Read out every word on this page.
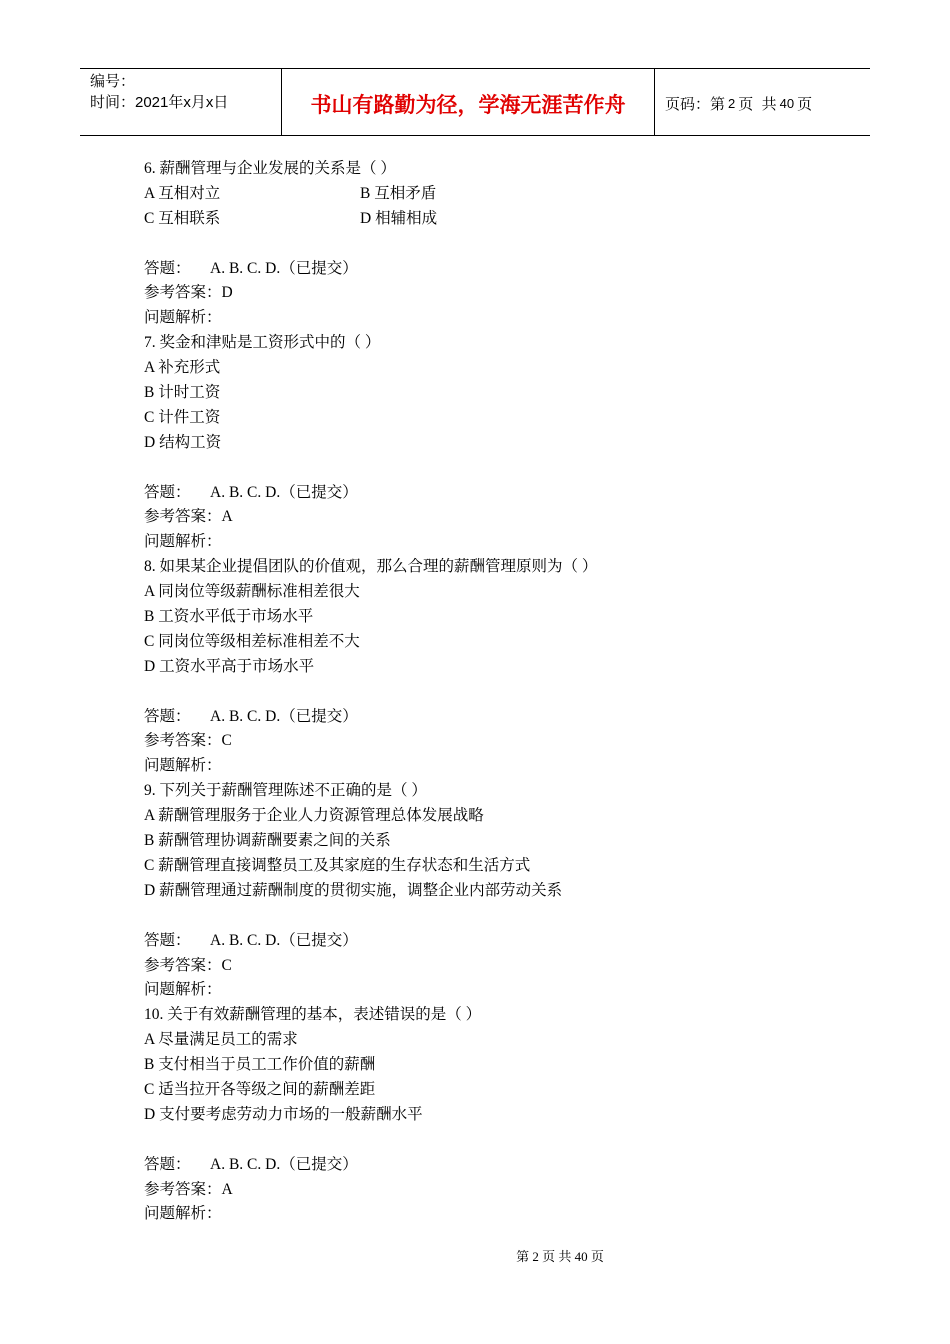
编号：
时间：2021年x月x日	书山有路勤为径，学海无涯苦作舟	页码：第 2 页  共 40 页
6. 薪酬管理与企业发展的关系是（ ）
A 互相对立	B 互相矛盾
C 互相联系	D 相辅相成
答题： A. B. C. D.（已提交）
参考答案：D
问题解析：
7. 奖金和津贴是工资形式中的（ ）
A 补充形式
B 计时工资
C 计件工资
D 结构工资
答题： A. B. C. D.（已提交）
参考答案：A
问题解析：
8. 如果某企业提倡团队的价值观，那么合理的薪酬管理原则为（ ）
A 同岗位等级薪酬标准相差很大
B 工资水平低于市场水平
C 同岗位等级相差标准相差不大
D 工资水平高于市场水平
答题： A. B. C. D.（已提交）
参考答案：C
问题解析：
9. 下列关于薪酬管理陈述不正确的是（ ）
A 薪酬管理服务于企业人力资源管理总体发展战略
B 薪酬管理协调薪酬要素之间的关系
C 薪酬管理直接调整员工及其家庭的生存状态和生活方式
D 薪酬管理通过薪酬制度的贯彻实施，调整企业内部劳动关系
答题： A. B. C. D.（已提交）
参考答案：C
问题解析：
10. 关于有效薪酬管理的基本，表述错误的是（ ）
A 尽量满足员工的需求
B 支付相当于员工工作价值的薪酬
C 适当拉开各等级之间的薪酬差距
D 支付要考虑劳动力市场的一般薪酬水平
答题： A. B. C. D.（已提交）
参考答案：A
问题解析：
第 2 页 共 40 页
